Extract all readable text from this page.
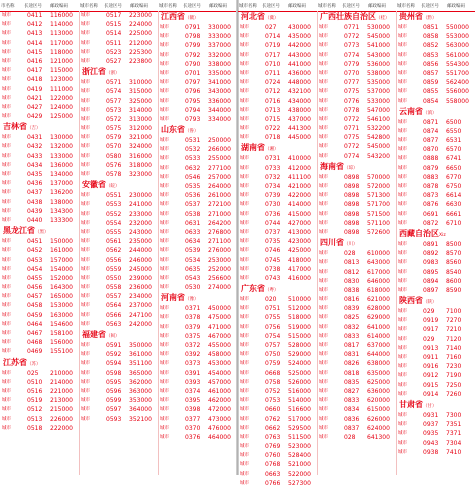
市名称 长途区号 邮政编码	城市名称 长途区号 邮政编码 城市名称 长途区号 邮政编码
城市	0411 116000
城市	0412 114000
城市	0413 113000
城市	0414 117000
城市	0415 118000
城市	0416 121000
城市	0417 115000
城市	0418 123000
城市	0419 111000
城市	0421 122000
城市	0427 124000
城市	0429 125000
吉林省（吉）
城市	0431 130000
城市	0432 132000
城市	0433 133000
城市	0434 136000
城市	0435 134000
城市	0436 137000
城市	0437 136200
城市	0438 138000
城市	0439 134300
城市	0440 133300
黑龙江省（黑）
城市	0451 150000
城市	0452 161000
城市	0453 157000
城市	0454 154000
城市	0455 152000
城市	0456 164300
城市	0457 165000
城市	0458 153000
城市	0459 163000
城市	0464 154600
城市	0467 158100
城市	0468 156000
城市	0469 155100
江苏省（苏）
城市	025 210000
城市	0510 214000
城市	0516 221000
城市	0519 213000
城市	0512 215000
城市	0513 226000
城市	0518 222000
城市	0517 223000
城市	0515 224000
城市	0514 225000
城市	0511 212000
城市	0523 225300
城市	0527 223800
浙江省（浙）
城市	0571 310000
城市	0574 315000
城市	0577 325000
城市	0573 314000
城市	0572 313000
城市	0575 312000
城市	0579 321000
城市	0570 324000
城市	0580 316000
城市	0576 318000
城市	0578 323000
安徽省（皖）
城市	0551 230000
城市	0553 241000
城市	0552 233000
城市	0554 232000
城市	0555 243000
城市	0561 235000
城市	0562 244000
城市	0556 246000
城市	0559 245000
城市	0550 239000
城市	0558 236000
城市	0557 234000
城市	0564 237000
城市	0566 247100
城市	0563 242000
福建省（闽）
城市	0591 350000
城市	0592 361000
城市	0594 351100
城市	0598 365000
城市	0595 362000
城市	0596 363000
城市	0599 353000
城市	0597 364000
城市	0593 352100
江西省（赣）
城市	0791 330000
城市	0798 333000
城市	0799 337000
城市	0792 332000
城市	0790 338000
城市	0701 335000
城市	0797 341000
城市	0796 343000
城市	0795 336000
城市	0794 344000
城市	0793 334000
山东省（鲁）
城市	0531 250000
城市	0532 266000
城市	0533 255000
城市	0632 277100
城市	0546 257000
城市	0535 264000
城市	0536 261000
城市	0537 272100
城市	0538 271000
城市	0631 264200
城市	0633 276800
城市	0634 271100
城市	0539 276000
城市	0534 253000
城市	0635 252000
城市	0543 256600
城市	0530 274000
河南省（豫）
城市	0371 450000
城市	0378 475000
城市	0379 471000
城市	0375 467000
城市	0372 455000
城市	0392 458000
城市	0373 453000
城市	0391 454000
城市	0393 457000
城市	0374 461000
城市	0395 462000
城市	0398 472000
城市	0377 473000
城市	0370 476000
城市	0376 464000
城市名称 长途区号 邮政编码	城市名称 长途区号 邮政编码 城市名称 长途区号 邮政编码
河北省（冀）
城市	027 430000
城市	0714 435000
城市	0719 442000
城市	0717 443000
城市	0710 441000
城市	0711 436000
城市	0724 448000
城市	0712 432100
城市	0716 434000
城市	0713 438000
城市	0715 437000
城市	0722 441300
城市	0718 445000
湖南省（湘）
城市	0731 410000
城市	0733 412000
城市	0732 411100
城市	0734 421000
城市	0739 422000
城市	0730 414000
城市	0736 415000
城市	0744 427000
城市	0737 413000
城市	0735 423000
城市	0746 425000
城市	0745 418000
城市	0738 417000
城市	0743 416000
广东省（粤）
城市	020 510000
城市	0751 512000
城市	0755 518000
城市	0756 519000
城市	0754 515000
城市	0757 528000
城市	0750 529000
城市	0759 524000
城市	0668 525000
城市	0758 526000
城市	0752 516000
城市	0753 514000
城市	0660 516600
城市	0762 517000
城市	0662 529500
城市	0763 511500
城市	0769 523000
城市	0760 528400
城市	0768 521000
城市	0663 522000
城市	0766 527300
广西壮族自治区（桂）
城市	0771 530000
城市	0772 545000
城市	0773 541000
城市	0774 543000
城市	0779 536000
城市	0770 538000
城市	0777 535000
城市	0775 537000
城市	0776 533000
城市	0778 547000
城市	0772 546100
城市	0771 532200
城市	0775 542800
城市	0772 545000
城市	0774 543200
海南省（琼）
城市	0898 570000
城市	0898 572000
城市	0898 571300
城市	0898 571700
城市	0898 571500
城市	0898 571100
城市	0898 572600
四川省（川）
城市	028 610000
城市	0813 643000
城市	0812 617000
城市	0830 646000
城市	0838 618000
城市	0816 621000
城市	0839 628000
城市	0825 629000
城市	0832 641000
城市	0833 614000
城市	0817 637000
城市	0831 644000
城市	0826 638000
城市	0818 635000
城市	0835 625000
城市	0827 636000
城市	0833 620000
城市	0834 615000
城市	0836 626000
城市	0837 624000
城市	028 641300
贵州省（黔）
城市	0851 550000
城市	0858 553000
城市	0852 563000
城市	0853 561000
城市	0856 554300
城市	0857 551700
城市	0859 562400
城市	0855 556000
城市	0854 558000
云南省（滇）
城市	0871 6500
城市	0874 6550
城市	0877 6531
城市	0870 6570
城市	0888 6741
城市	0879 6650
城市	0883 6770
城市	0878 6750
城市	0873 6614
城市	0876 6630
城市	0691 6661
城市	0872 6710
西藏自治区Xiz
城市	0891 8500
城市	0892 8570
城市	0983 8560
城市	0895 8540
城市	0894 8600
城市	0897 8590
陕西省（陕）
城市	029 7100
城市	0919 7270
城市	0917 7210
城市	029 7120
城市	0913 7140
城市	0911 7160
城市	0916 7230
城市	0912 7190
城市	0915 7250
城市	0914 7260
甘肃省（甘）
城市	0931 7300
城市	0937 7351
城市	0935 7371
城市	0943 7304
城市	0938 7410
